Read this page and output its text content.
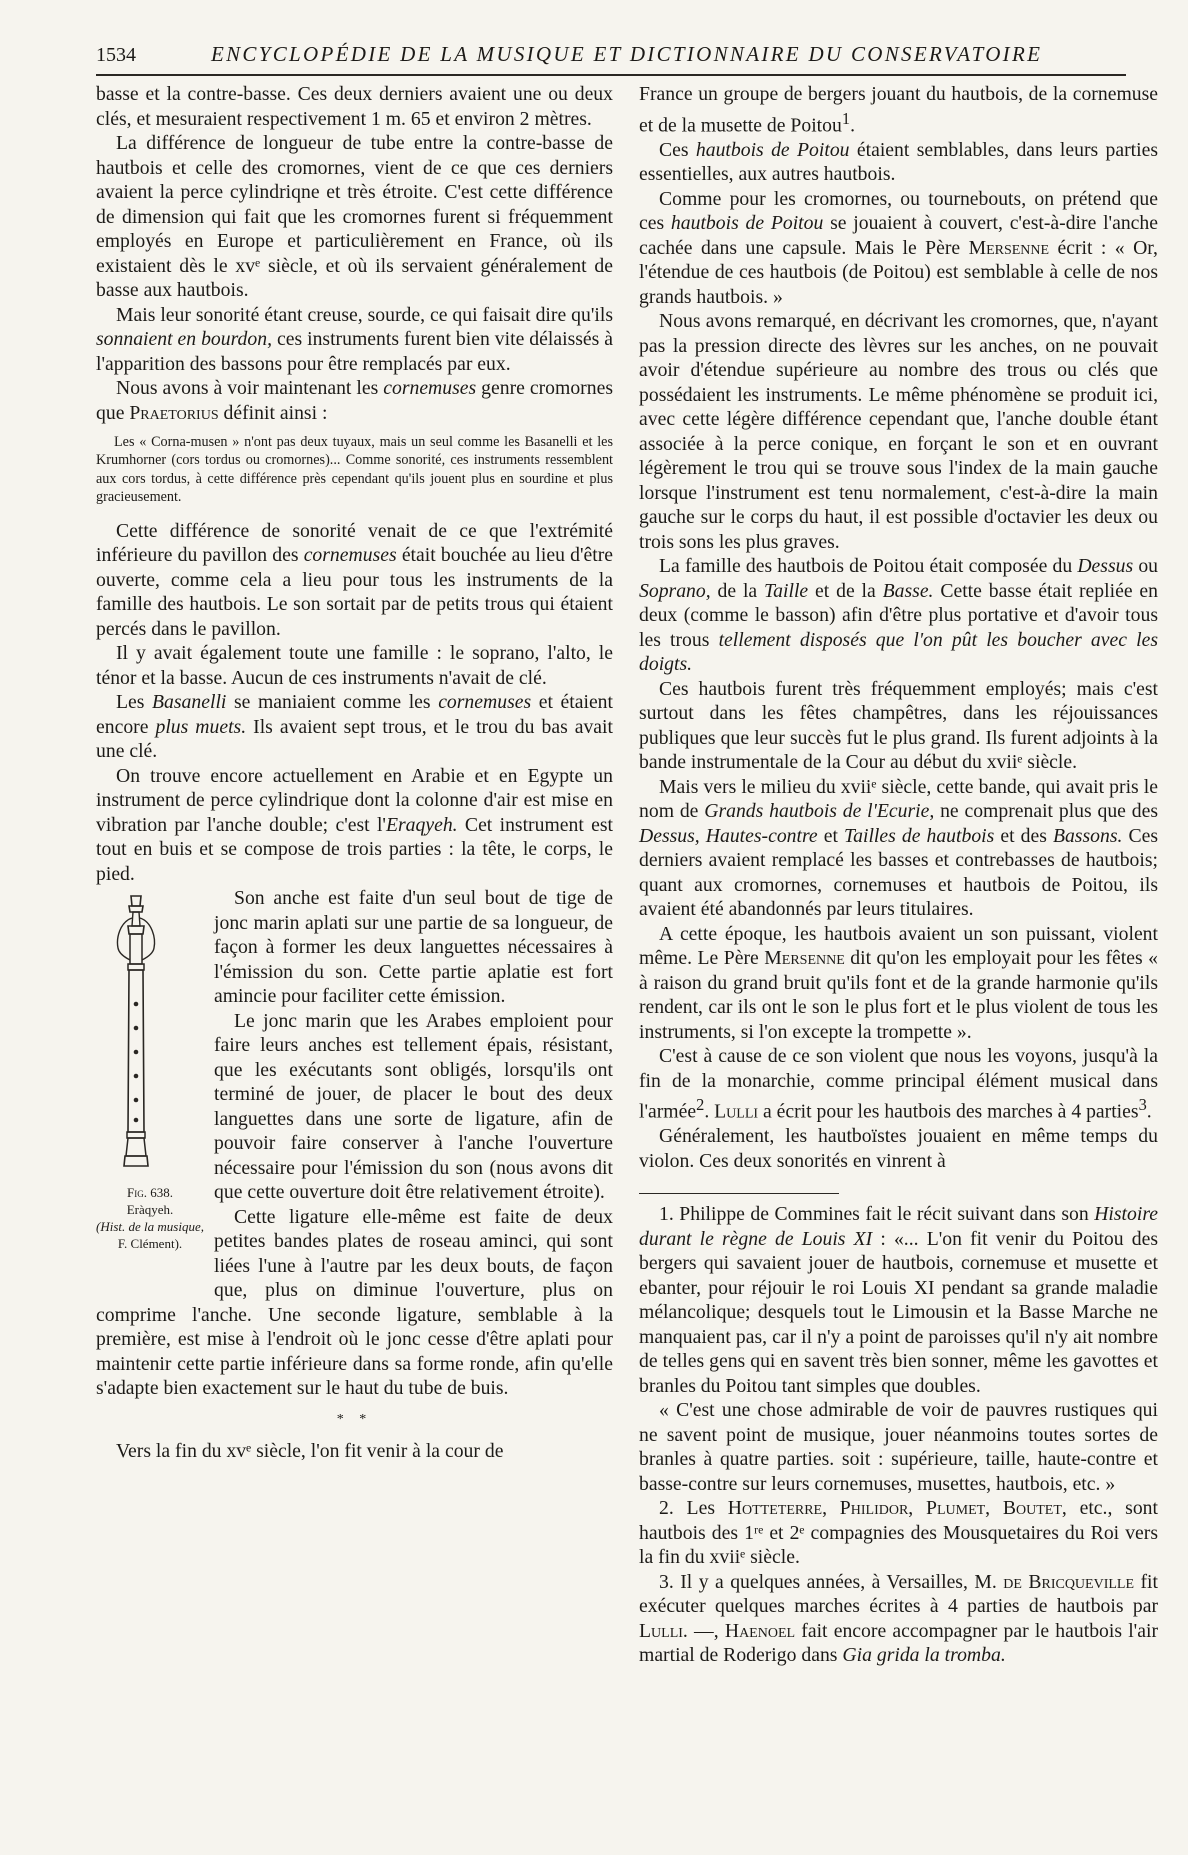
1534	ENCYCLOPÉDIE DE LA MUSIQUE ET DICTIONNAIRE DU CONSERVATOIRE

basse et la contre-basse. Ces deux derniers avaient une ou deux clés, et mesuraient respectivement 1 m. 65 et environ 2 mètres.

La différence de longueur de tube entre la contre-basse de hautbois et celle des cromornes, vient de ce que ces derniers avaient la perce cylindriqne et très étroite. C'est cette différence de dimension qui fait que les cromornes furent si fréquemment employés en Europe et particulièrement en France, où ils existaient dès le xvᵉ siècle, et où ils servaient généralement de basse aux hautbois.

Mais leur sonorité étant creuse, sourde, ce qui faisait dire qu'ils sonnaient en bourdon, ces instruments furent bien vite délaissés à l'apparition des bassons pour être remplacés par eux.

Nous avons à voir maintenant les cornemuses genre cromornes que Praetorius définit ainsi :

Les « Corna-musen » n'ont pas deux tuyaux, mais un seul comme les Basanelli et les Krumhorner (cors tordus ou cromornes)... Comme sonorité, ces instruments ressemblent aux cors tordus, à cette différence près cependant qu'ils jouent plus en sourdine et plus gracieusement.

Cette différence de sonorité venait de ce que l'extrémité inférieure du pavillon des cornemuses était bouchée au lieu d'être ouverte, comme cela a lieu pour tous les instruments de la famille des hautbois. Le son sortait par de petits trous qui étaient percés dans le pavillon.

Il y avait également toute une famille : le soprano, l'alto, le ténor et la basse. Aucun de ces instruments n'avait de clé.

Les Basanelli se maniaient comme les cornemuses et étaient encore plus muets. Ils avaient sept trous, et le trou du bas avait une clé.

On trouve encore actuellement en Arabie et en Egypte un instrument de perce cylindrique dont la colonne d'air est mise en vibration par l'anche double; c'est l'Eraqyeh. Cet instrument est tout en buis et se compose de trois parties : la tête, le corps, le pied.

Fig. 638.
Eràqyeh.
(Hist. de la musique,
F. Clément).

Son anche est faite d'un seul bout de tige de jonc marin aplati sur une partie de sa longueur, de façon à former les deux languettes nécessaires à l'émission du son. Cette partie aplatie est fort amincie pour faciliter cette émission.

Le jonc marin que les Arabes emploient pour faire leurs anches est tellement épais, résistant, que les exécutants sont obligés, lorsqu'ils ont terminé de jouer, de placer le bout des deux languettes dans une sorte de ligature, afin de pouvoir faire conserver à l'anche l'ouverture nécessaire pour l'émission du son (nous avons dit que cette ouverture doit être relativement étroite).

Cette ligature elle-même est faite de deux petites bandes plates de roseau aminci, qui sont liées l'une à l'autre par les deux bouts, de façon que, plus on diminue l'ouverture, plus on comprime l'anche. Une seconde ligature, semblable à la première, est mise à l'endroit où le jonc cesse d'être aplati pour maintenir cette partie inférieure dans sa forme ronde, afin qu'elle s'adapte bien exactement sur le haut du tube de buis.

* *

Vers la fin du xvᵉ siècle, l'on fit venir à la cour de

France un groupe de bergers jouant du hautbois, de la cornemuse et de la musette de Poitou$^1$.

Ces hautbois de Poitou étaient semblables, dans leurs parties essentielles, aux autres hautbois.

Comme pour les cromornes, ou tournebouts, on prétend que ces hautbois de Poitou se jouaient à couvert, c'est-à-dire l'anche cachée dans une capsule. Mais le Père Mersenne écrit : « Or, l'étendue de ces hautbois (de Poitou) est semblable à celle de nos grands hautbois. »

Nous avons remarqué, en décrivant les cromornes, que, n'ayant pas la pression directe des lèvres sur les anches, on ne pouvait avoir d'étendue supérieure au nombre des trous ou clés que possédaient les instruments. Le même phénomène se produit ici, avec cette légère différence cependant que, l'anche double étant associée à la perce conique, en forçant le son et en ouvrant légèrement le trou qui se trouve sous l'index de la main gauche lorsque l'instrument est tenu normalement, c'est-à-dire la main gauche sur le corps du haut, il est possible d'octavier les deux ou trois sons les plus graves.

La famille des hautbois de Poitou était composée du Dessus ou Soprano, de la Taille et de la Basse. Cette basse était repliée en deux (comme le basson) afin d'être plus portative et d'avoir tous les trous tellement disposés que l'on pût les boucher avec les doigts.

Ces hautbois furent très fréquemment employés; mais c'est surtout dans les fêtes champêtres, dans les réjouissances publiques que leur succès fut le plus grand. Ils furent adjoints à la bande instrumentale de la Cour au début du xviiᵉ siècle.

Mais vers le milieu du xviiᵉ siècle, cette bande, qui avait pris le nom de Grands hautbois de l'Ecurie, ne comprenait plus que des Dessus, Hautes-contre et Tailles de hautbois et des Bassons. Ces derniers avaient remplacé les basses et contrebasses de hautbois; quant aux cromornes, cornemuses et hautbois de Poitou, ils avaient été abandonnés par leurs titulaires.

A cette époque, les hautbois avaient un son puissant, violent même. Le Père Mersenne dit qu'on les employait pour les fêtes « à raison du grand bruit qu'ils font et de la grande harmonie qu'ils rendent, car ils ont le son le plus fort et le plus violent de tous les instruments, si l'on excepte la trompette ».

C'est à cause de ce son violent que nous les voyons, jusqu'à la fin de la monarchie, comme principal élément musical dans l'armée$^2$. Lulli a écrit pour les hautbois des marches à 4 parties$^3$.

Généralement, les hautboïstes jouaient en même temps du violon. Ces deux sonorités en vinrent à

1. Philippe de Commines fait le récit suivant dans son Histoire durant le règne de Louis XI : «... L'on fit venir du Poitou des bergers qui savaient jouer de hautbois, cornemuse et musette et ebanter, pour réjouir le roi Louis XI pendant sa grande maladie mélancolique; desquels tout le Limousin et la Basse Marche ne manquaient pas, car il n'y a point de paroisses qu'il n'y ait nombre de telles gens qui en savent très bien sonner, même les gavottes et branles du Poitou tant simples que doubles.

« C'est une chose admirable de voir de pauvres rustiques qui ne savent point de musique, jouer néanmoins toutes sortes de branles à quatre parties. soit : supérieure, taille, haute-contre et basse-contre sur leurs cornemuses, musettes, hautbois, etc. »

2. Les Hotteterre, Philidor, Plumet, Boutet, etc., sont hautbois des 1ʳᵉ et 2ᵉ compagnies des Mousquetaires du Roi vers la fin du xviiᵉ siècle.

3. Il y a quelques années, à Versailles, M. de Bricqueville fit exécuter quelques marches écrites à 4 parties de hautbois par Lulli. —, Haenoel fait encore accompagner par le hautbois l'air martial de Roderigo dans Gia grida la tromba.
